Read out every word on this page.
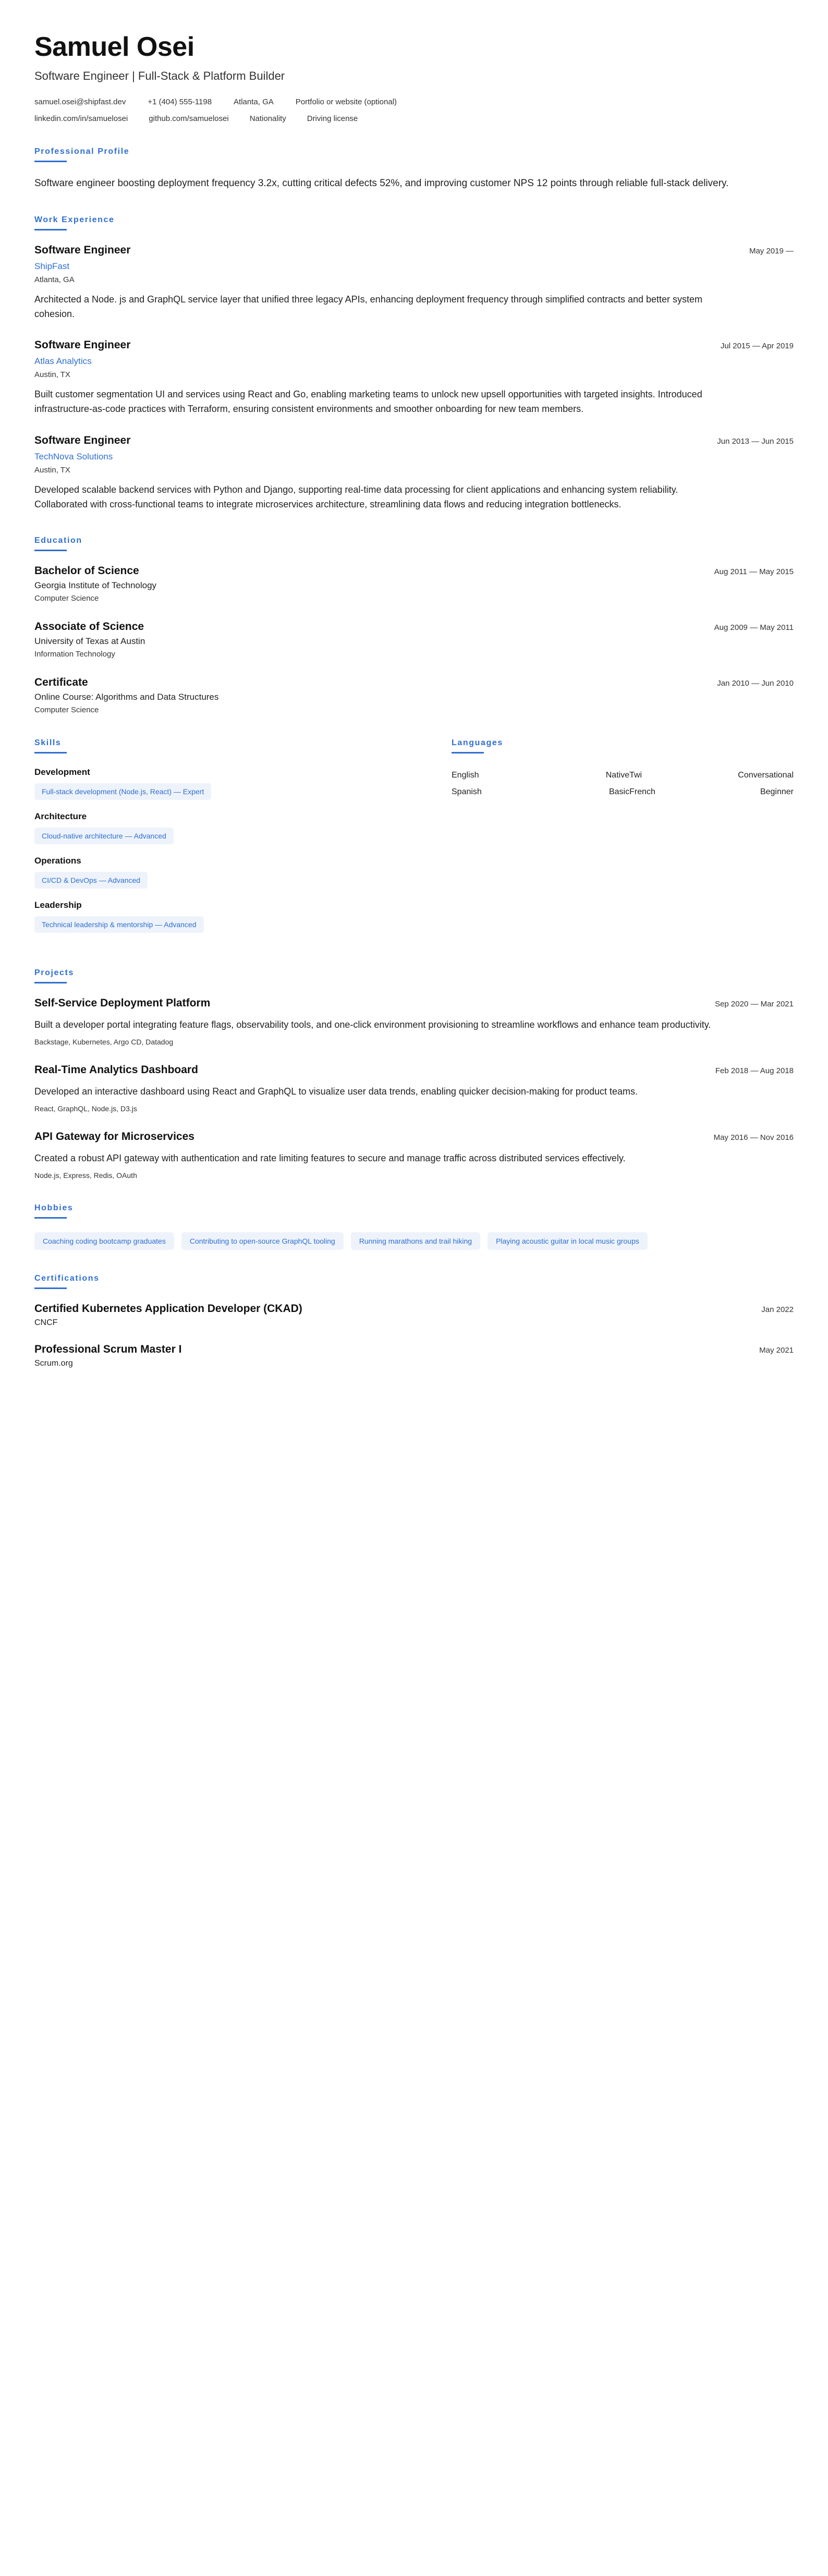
Samuel Osei
Software Engineer | Full-Stack & Platform Builder
samuel.osei@shipfast.dev	+1 (404) 555-1198	Atlanta, GA	Portfolio or website (optional)
linkedin.com/in/samuelosei	github.com/samuelosei	Nationality	Driving license
Professional Profile
Software engineer boosting deployment frequency 3.2x, cutting critical defects 52%, and improving customer NPS 12 points through reliable full-stack delivery.
Work Experience
Software Engineer	May 2019 —
ShipFast
Atlanta, GA
Architected a Node. js and GraphQL service layer that unified three legacy APIs, enhancing deployment frequency through simplified contracts and better system cohesion.
Software Engineer	Jul 2015 — Apr 2019
Atlas Analytics
Austin, TX
Built customer segmentation UI and services using React and Go, enabling marketing teams to unlock new upsell opportunities with targeted insights. Introduced infrastructure-as-code practices with Terraform, ensuring consistent environments and smoother onboarding for new team members.
Software Engineer	Jun 2013 — Jun 2015
TechNova Solutions
Austin, TX
Developed scalable backend services with Python and Django, supporting real-time data processing for client applications and enhancing system reliability. Collaborated with cross-functional teams to integrate microservices architecture, streamlining data flows and reducing integration bottlenecks.
Education
Bachelor of Science	Aug 2011 — May 2015
Georgia Institute of Technology
Computer Science
Associate of Science	Aug 2009 — May 2011
University of Texas at Austin
Information Technology
Certificate	Jan 2010 — Jun 2010
Online Course: Algorithms and Data Structures
Computer Science
Skills
Development
Full-stack development (Node.js, React) — Expert
Architecture
Cloud-native architecture — Advanced
Operations
CI/CD & DevOps — Advanced
Leadership
Technical leadership & mentorship — Advanced
Languages
English	Native	Twi	Conversational
Spanish	Basic	French	Beginner
Projects
Self-Service Deployment Platform	Sep 2020 — Mar 2021
Built a developer portal integrating feature flags, observability tools, and one-click environment provisioning to streamline workflows and enhance team productivity.
Backstage, Kubernetes, Argo CD, Datadog
Real-Time Analytics Dashboard	Feb 2018 — Aug 2018
Developed an interactive dashboard using React and GraphQL to visualize user data trends, enabling quicker decision-making for product teams.
React, GraphQL, Node.js, D3.js
API Gateway for Microservices	May 2016 — Nov 2016
Created a robust API gateway with authentication and rate limiting features to secure and manage traffic across distributed services effectively.
Node.js, Express, Redis, OAuth
Hobbies
Coaching coding bootcamp graduates	Contributing to open-source GraphQL tooling	Running marathons and trail hiking	Playing acoustic guitar in local music groups
Certifications
Certified Kubernetes Application Developer (CKAD)	Jan 2022
CNCF
Professional Scrum Master I	May 2021
Scrum.org
